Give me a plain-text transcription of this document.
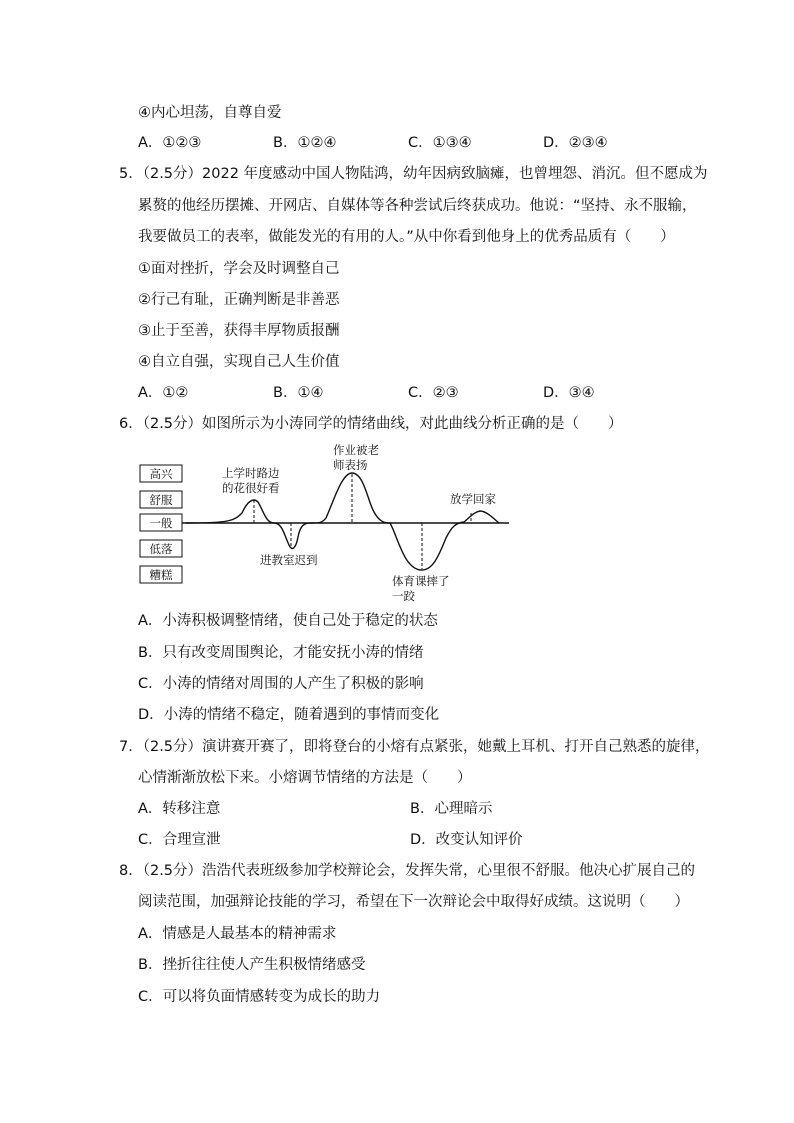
④内心坦荡，自尊自爱
A．①②③	B．①②④	C．①③④	D．②③④
5．（2.5分）2022 年度感动中国人物陆鸿，幼年因病致脑瘫，也曾埋怨、消沉。但不愿成为
累赘的他经历摆摊、开网店、自媒体等各种尝试后终获成功。他说：“坚持、永不服输，
我要做员工的表率，做能发光的有用的人。”从中你看到他身上的优秀品质有（　　）
①面对挫折，学会及时调整自己
②行己有耻，正确判断是非善恶
③止于至善，获得丰厚物质报酬
④自立自强，实现自己人生价值
A．①②	B．①④	C．②③	D．③④
6．（2.5分）如图所示为小涛同学的情绪曲线，对此曲线分析正确的是（　　）
高兴
舒服
一般
低落
糟糕
上学时路边
的花很好看
进教室迟到
作业被老
师表扬
体育课摔了
一跤
放学回家
A．小涛积极调整情绪，使自己处于稳定的状态
B．只有改变周围舆论，才能安抚小涛的情绪
C．小涛的情绪对周围的人产生了积极的影响
D．小涛的情绪不稳定，随着遇到的事情而变化
7．（2.5分）演讲赛开赛了，即将登台的小熔有点紧张，她戴上耳机、打开自己熟悉的旋律，
心情渐渐放松下来。小熔调节情绪的方法是（　　）
A．转移注意	B．心理暗示
C．合理宣泄	D．改变认知评价
8．（2.5分）浩浩代表班级参加学校辩论会，发挥失常，心里很不舒服。他决心扩展自己的
阅读范围，加强辩论技能的学习，希望在下一次辩论会中取得好成绩。这说明（　　）
A．情感是人最基本的精神需求
B．挫折往往使人产生积极情绪感受
C．可以将负面情感转变为成长的助力
